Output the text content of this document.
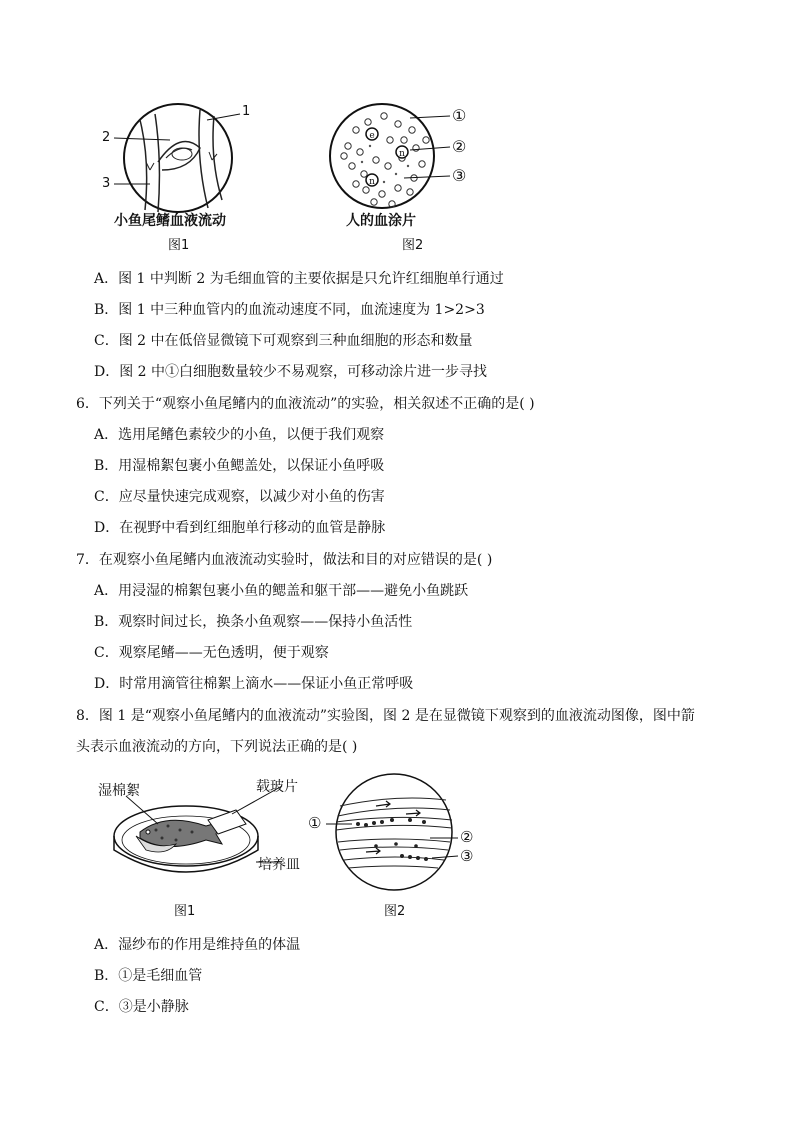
1
2
3
小鱼尾鳍血液流动
图1
e
n
n
①
②
③
人的血涂片
图2
A．图 1 中判断 2 为毛细血管的主要依据是只允许红细胞单行通过
B．图 1 中三种血管内的血流动速度不同，血流速度为 1>2>3
C．图 2 中在低倍显微镜下可观察到三种血细胞的形态和数量
D．图 2 中①白细胞数量较少不易观察，可移动涂片进一步寻找
6．下列关于“观察小鱼尾鳍内的血液流动”的实验，相关叙述不正确的是( )
A．选用尾鳍色素较少的小鱼，以便于我们观察
B．用湿棉絮包裹小鱼鳃盖处，以保证小鱼呼吸
C．应尽量快速完成观察，以减少对小鱼的伤害
D．在视野中看到红细胞单行移动的血管是静脉
7．在观察小鱼尾鳍内血液流动实验时，做法和目的对应错误的是( )
A．用浸湿的棉絮包裹小鱼的鳃盖和躯干部——避免小鱼跳跃
B．观察时间过长，换条小鱼观察——保持小鱼活性
C．观察尾鳍——无色透明，便于观察
D．时常用滴管往棉絮上滴水——保证小鱼正常呼吸
8．图 1 是“观察小鱼尾鳍内的血液流动”实验图，图 2 是在显微镜下观察到的血液流动图像，图中箭
头表示血液流动的方向，下列说法正确的是( )
湿棉絮	载玻片
培养皿
图1
①
②
③
图2
A．湿纱布的作用是维持鱼的体温
B．①是毛细血管
C．③是小静脉
